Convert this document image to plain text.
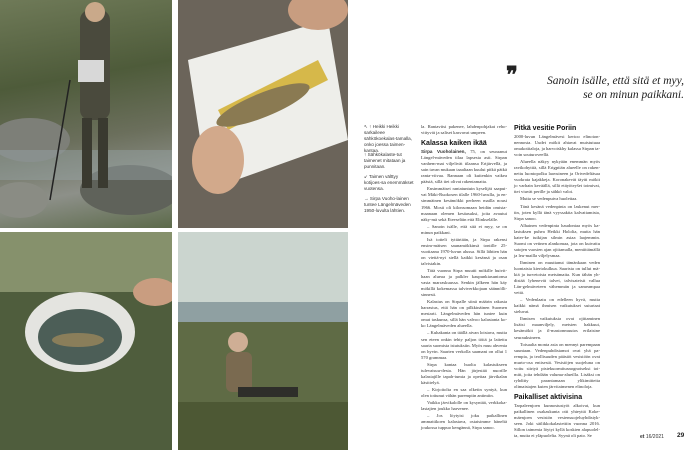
❞	Sanoin isälle, että sitä et myy,
se on minun paikkani.
↖ ↑ Heikki Heikki sarkaileee sähkökoekalas-tamalla, onko joessa taimen-kantaa.
↑ Sähkökalaste-tut taimenet mitataan ja punnitaan.
↙ Taimen välttyy kotijoes-sa enemmäkset vuotensa.
→ Sirpa Vuoho-lainen tuntee Längelmäveden 1950-luvulta lähtien.

la. Rantavitsi pakenee, lahdenpohjakat reho-vittyvät ja saliset kasvavat umpeen.

Kalassa kaiken ikää

Sirpa Vuoholainen, 75, on seuraanut Längel-mäveden tilaa lapsesta asti. Sirpan vanhem-mat viljelivät tilaansa Ertjärvellä, ja sain tavan mukaan taaaltaan kuului pitkä pätkä ranta-viivaa. Rannaan oli kuitenkin vaikea päästä, sillä tiet olivat rakentamatta.

Ensimmäiset rantatuntuin kyselijät saapui-vat Mäki-Ruokosen tilalle 1960-luvulla, ja en-simmäinen kesämökki perheen mailla nousi 1966. Mosti oli kilonsomaan heidän omista-maanaan olemen kesäasuksi, joita avautui näky-mä sekä Eteeseläin että Elinkselälle.

– Sanoin isälle, että sitä et myy, se on minun paikkani.

Isä totteli tyttärtään, ja Sirpa rakensi ensim-mäisen saunamökkinsä tontille 25-vuotiaana 1970-luvun alussa. Sillä lähtien hän on viettä-nyt siellä kaikki kesänsä ja osan talvistakin.

Tätä vuonna Sirpa muutti mökille huivit-haan alueaa ja palkler kaupunkiasuntonsa vasta marraskuussa. Senkin jälkeen hän käy mökillä kokemassa talviverkkojaan säännölli-sinnesti.

Kalastus on Sirpalle siinä määrin rakasta harrastus, että hän on pilkkinäinen Suomen mestarti. Längelmäveden hän tuntee kuin omat taskunsa, sillä hän valvoo kalastanta ko-ko Längelmäveden alueella.

– Kuhakanta on täällä aivan loistava, mutta sen eteen onkin tehty paljon töitä ja laitettu saaria suomista istutuksiin. Myös muu ahventa on hyvin. Saarien verkolla saamani on ollut 1 570 grammaa.

Sirpa kantaa huolta kalastukseen tulevaisuu-desta. Hän järjestää nuorille kalastajille tapah-tumia ja opettaa järvikalan käsittelyä.

– Kirjoitolta en saa olketin syntyä, kun olen tottunut vähän parempiin antimiin.

Vaikka järvikalolle on kysyntää, verkkoka-lastajien joukko harvenee.

– Jos löytyisi joku paikallinen ammattikoen kalastava, ostaisimme häneltä joukossa tuppuo kengännä, Sirpa sanoo.

Pitkä vesitie Poriin

2000-luvun Längelmävesi kertoo elinoton-nennosta. Uudet mökit ahtavat muistutuaa omakotitaloja, ja harvoiskhy kalassa Sirpan ta-voin souturoveellä.

Alueella näkyy nykyään enemmän myös ravikohyttiä, sillä Erigptiän alueelle on raken-nettu luontopolku laavuineen ja Orivedeltäsaa vuokrata kajakkeja. Koronakevät täytti mökit jo varhain keväällä, sillä etäyöteyšet toimivat, ttei viuvät perille ja sähkö valoi.

Mutta se vedenpuiva huolettaa.

Tänä kesänä vedenpinta on laskenut mer-tin, joten kyllä tänä vyyssaktta kalvattamista, Sirpa sanoo.

Alhainen vedenpinta haudontaa myös ka-lastuksen puhea Heikki Hololia, mutta hän kater-ke tutkijan silmin asiaa laajemmin. Suomi on vetinen alankomaa, jota on kuivattu satojen vuosien ajan ojittamalla, mentittämällä ja leu-mailla viljelysmaa.

Ihminen on muuttanut tämänkaan veden luontaisia kiertokulkua. Saarista on tullut mä-kiä ja turvetoista metsämaita. Kun tähän yh-distää lyhenevät talvet, talvisateisit vallua Län-gelmäveteen vähemmän ja sameampaa vettä.

– Vedenlaatu on edelleen hyvä, mutta kaikki nämä ihmisen vaikutukset suiurtaat sieluvat.

Ihmisen vaikutuksia ovat ojittaminen lisäisi maanviljely, metsien hakkuut, kesämökit ja il-mastonmuutos erilaisine seurauksineen.

Toisaalta monta asia on mennyt parempaan suuntaan. Vedenpuhdistamot ovat yhä pa-rempia, ja teollisuuden päästöt vesistöön ovat murto-osa entisestä. Vesistöjen suojeluna on voitu siirtyä pistekuormitusnognoiseksi toi-mitt, joita tehdään valuma-alueilla. Lisäksi on ryhditty parantamaan ylikimitteita olimaistajen kuten järvitaimenen elinoloja.

Paikalliset aktivisina

Tarpaleenjoen kunnostustyöt alkoivat, kun paikallinen osakaskunta otti yhteyttä Koke-mäenjoen vesistön vesiensuojeluyhdistyk-seen. Joki säilikkokalastettiin vuonna 2016. Sillon taimenia löytyi kyllä koskien alapuolel-ta, mutta ei yläpuolelta. Syynä oli pato. Se	et 16/2021 29
